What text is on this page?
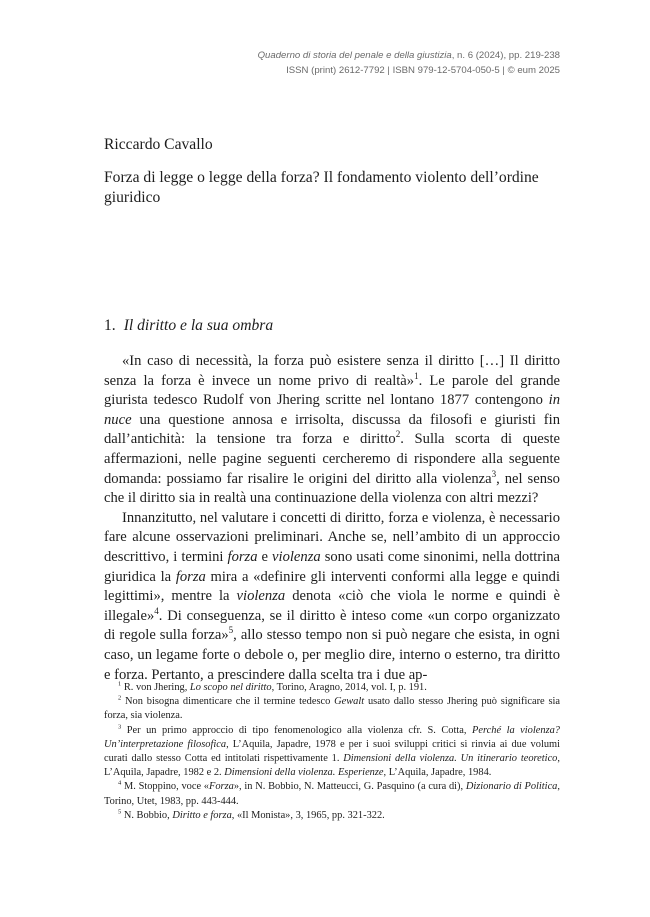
Quaderno di storia del penale e della giustizia, n. 6 (2024), pp. 219-238
ISSN (print) 2612-7792 | ISBN 979-12-5704-050-5 | © eum 2025
Riccardo Cavallo
Forza di legge o legge della forza? Il fondamento violento dell’ordine giuridico
1. Il diritto e la sua ombra

«In caso di necessità, la forza può esistere senza il diritto […] Il diritto senza la forza è invece un nome privo di realtà»$^1$. Le parole del grande giurista tedesco Rudolf von Jhering scritte nel lontano 1877 contengono in nuce una questione annosa e irrisolta, discussa da filosofi e giuristi fin dall’antichità: la tensione tra forza e diritto$^2$. Sulla scorta di queste affermazioni, nelle pagine seguenti cercheremo di rispondere alla seguente domanda: possiamo far risalire le origini del diritto alla violenza$^3$, nel senso che il diritto sia in realtà una continuazione della violenza con altri mezzi?

Innanzitutto, nel valutare i concetti di diritto, forza e violenza, è necessario fare alcune osservazioni preliminari. Anche se, nell’ambito di un approccio descrittivo, i termini forza e violenza sono usati come sinonimi, nella dottrina giuridica la forza mira a «definire gli interventi conformi alla legge e quindi legittimi», mentre la violenza denota «ciò che viola le norme e quindi è illegale»$^4$. Di conseguenza, se il diritto è inteso come «un corpo organizzato di regole sulla forza»$^5$, allo stesso tempo non si può negare che esista, in ogni caso, un legame forte o debole o, per meglio dire, interno o esterno, tra diritto e forza. Pertanto, a prescindere dalla scelta tra i due ap-

$^1$ R. von Jhering, Lo scopo nel diritto, Torino, Aragno, 2014, vol. I, p. 191.

$^2$ Non bisogna dimenticare che il termine tedesco Gewalt usato dallo stesso Jhering può significare sia forza, sia violenza.

$^3$ Per un primo approccio di tipo fenomenologico alla violenza cfr. S. Cotta, Perché la violenza? Un’interpretazione filosofica, L’Aquila, Japadre, 1978 e per i suoi sviluppi critici si rinvia ai due volumi curati dallo stesso Cotta ed intitolati rispettivamente 1. Dimensioni della violenza. Un itinerario teoretico, L’Aquila, Japadre, 1982 e 2. Dimensioni della violenza. Esperienze, L’Aquila, Japadre, 1984.

$^4$ M. Stoppino, voce «Forza», in N. Bobbio, N. Matteucci, G. Pasquino (a cura di), Dizionario di Politica, Torino, Utet, 1983, pp. 443-444.

$^5$ N. Bobbio, Diritto e forza, «Il Monista», 3, 1965, pp. 321-322.
